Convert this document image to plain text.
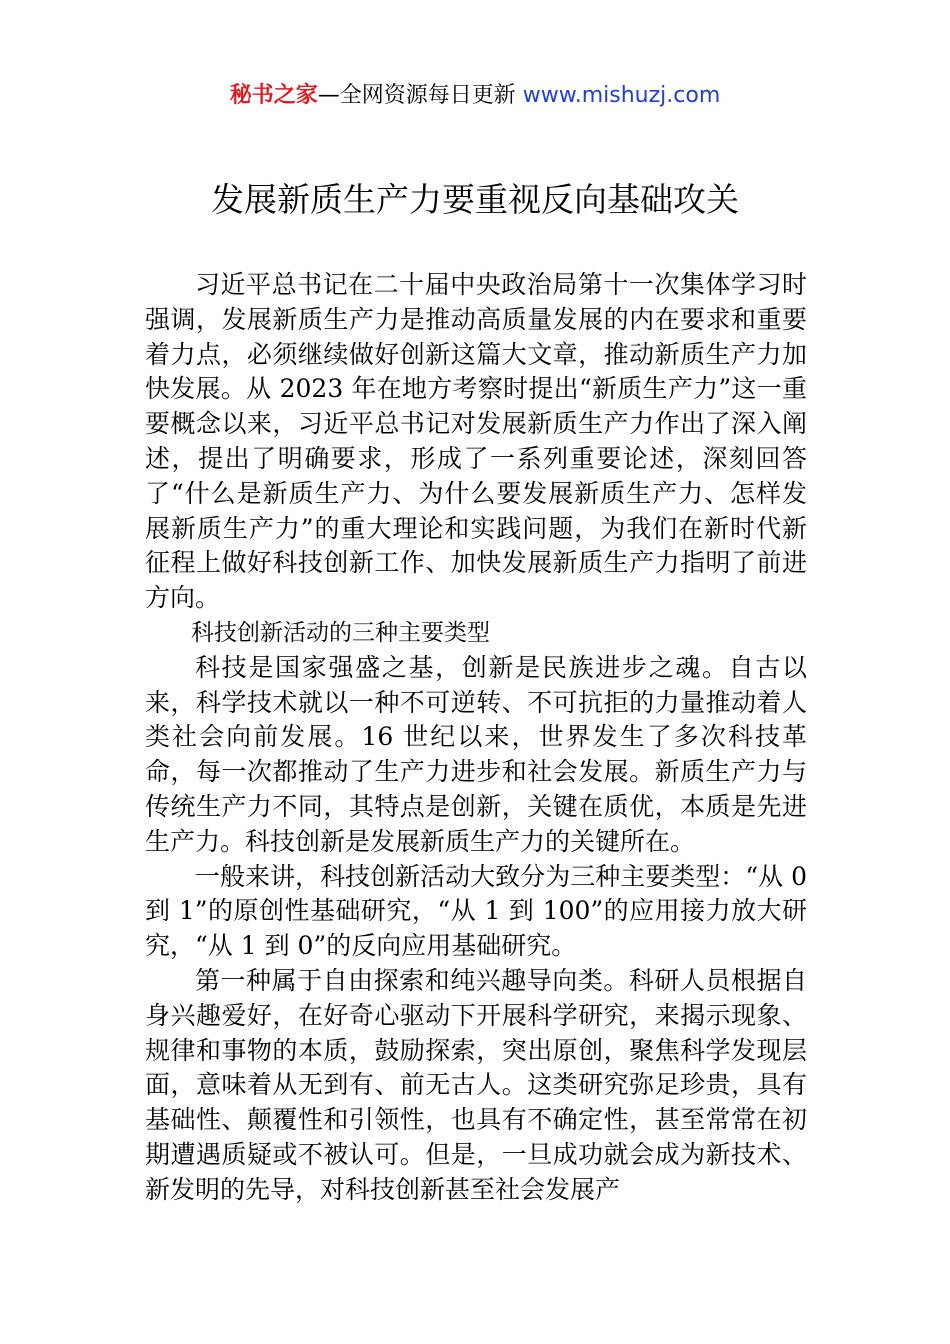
秘书之家—全网资源每日更新 www.mishuzj.com
发展新质生产力要重视反向基础攻关

习近平总书记在二十届中央政治局第十一次集体学习时强调，发展新质生产力是推动高质量发展的内在要求和重要着力点，必须继续做好创新这篇大文章，推动新质生产力加快发展。从 2023 年在地方考察时提出“新质生产力”这一重要概念以来，习近平总书记对发展新质生产力作出了深入阐述，提出了明确要求，形成了一系列重要论述，深刻回答了“什么是新质生产力、为什么要发展新质生产力、怎样发展新质生产力”的重大理论和实践问题，为我们在新时代新征程上做好科技创新工作、加快发展新质生产力指明了前进方向。

科技创新活动的三种主要类型

科技是国家强盛之基，创新是民族进步之魂。自古以来，科学技术就以一种不可逆转、不可抗拒的力量推动着人类社会向前发展。16 世纪以来，世界发生了多次科技革命，每一次都推动了生产力进步和社会发展。新质生产力与传统生产力不同，其特点是创新，关键在质优，本质是先进生产力。科技创新是发展新质生产力的关键所在。

一般来讲，科技创新活动大致分为三种主要类型：“从 0 到 1”的原创性基础研究，“从 1 到 100”的应用接力放大研究，“从 1 到 0”的反向应用基础研究。

第一种属于自由探索和纯兴趣导向类。科研人员根据自身兴趣爱好，在好奇心驱动下开展科学研究，来揭示现象、规律和事物的本质，鼓励探索，突出原创，聚焦科学发现层面，意味着从无到有、前无古人。这类研究弥足珍贵，具有基础性、颠覆性和引领性，也具有不确定性，甚至常常在初期遭遇质疑或不被认可。但是，一旦成功就会成为新技术、新发明的先导，对科技创新甚至社会发展产
